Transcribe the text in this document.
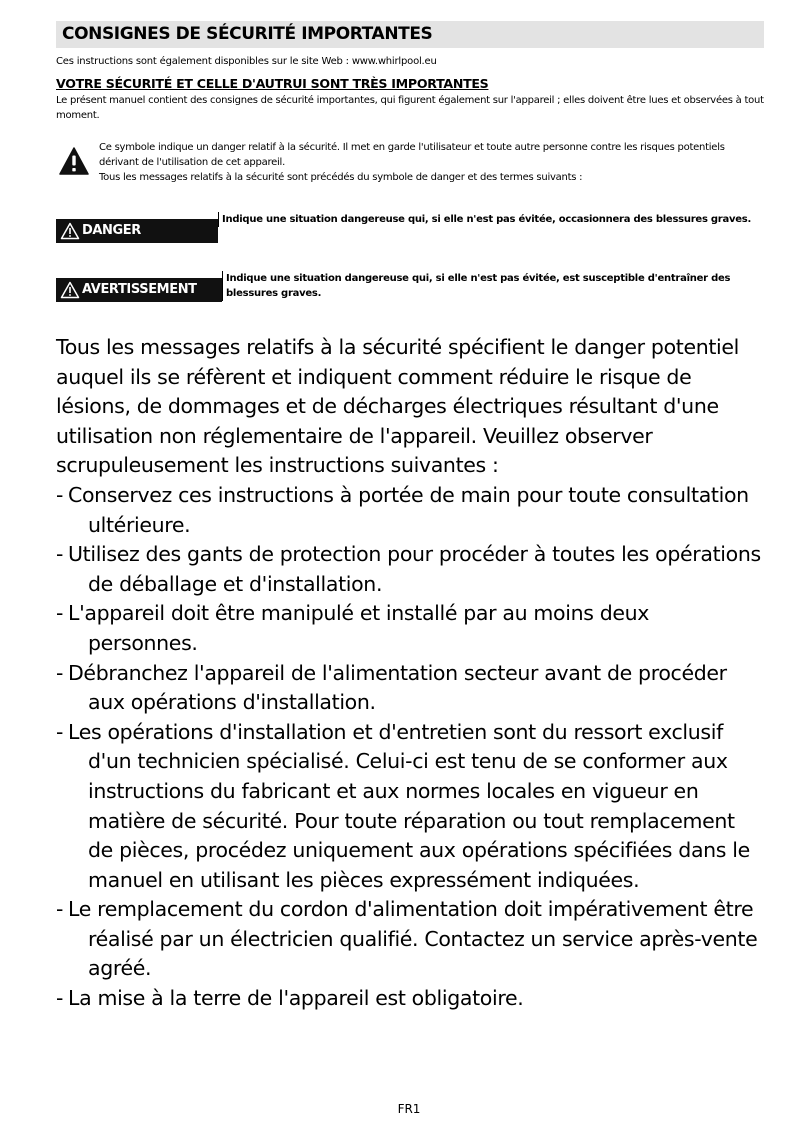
CONSIGNES DE SÉCURITÉ IMPORTANTES
Ces instructions sont également disponibles sur le site Web : www.whirlpool.eu
VOTRE SÉCURITÉ ET CELLE D'AUTRUI SONT TRÈS IMPORTANTES
Le présent manuel contient des consignes de sécurité importantes, qui figurent également sur l'appareil ; elles doivent être lues et observées à tout moment.
Ce symbole indique un danger relatif à la sécurité. Il met en garde l'utilisateur et toute autre personne contre les risques potentiels dérivant de l'utilisation de cet appareil.
Tous les messages relatifs à la sécurité sont précédés du symbole de danger et des termes suivants :
DANGER
Indique une situation dangereuse qui, si elle n'est pas évitée, occasionnera des blessures graves.
AVERTISSEMENT
Indique une situation dangereuse qui, si elle n'est pas évitée, est susceptible d'entraîner des blessures graves.

Tous les messages relatifs à la sécurité spécifient le danger potentiel auquel ils se réfèrent et indiquent comment réduire le risque de lésions, de dommages et de décharges électriques résultant d'une utilisation non réglementaire de l'appareil. Veuillez observer scrupuleusement les instructions suivantes :

- Conservez ces instructions à portée de main pour toute consultation ultérieure.
- Utilisez des gants de protection pour procéder à toutes les opérations de déballage et d'installation.
- L'appareil doit être manipulé et installé par au moins deux personnes.
- Débranchez l'appareil de l'alimentation secteur avant de procéder aux opérations d'installation.
- Les opérations d'installation et d'entretien sont du ressort exclusif d'un technicien spécialisé. Celui-ci est tenu de se conformer aux instructions du fabricant et aux normes locales en vigueur en matière de sécurité. Pour toute réparation ou tout remplacement de pièces, procédez uniquement aux opérations spécifiées dans le manuel en utilisant les pièces expressément indiquées.
- Le remplacement du cordon d'alimentation doit impérativement être réalisé par un électricien qualifié. Contactez un service après-vente agréé.
- La mise à la terre de l'appareil est obligatoire.
FR1
